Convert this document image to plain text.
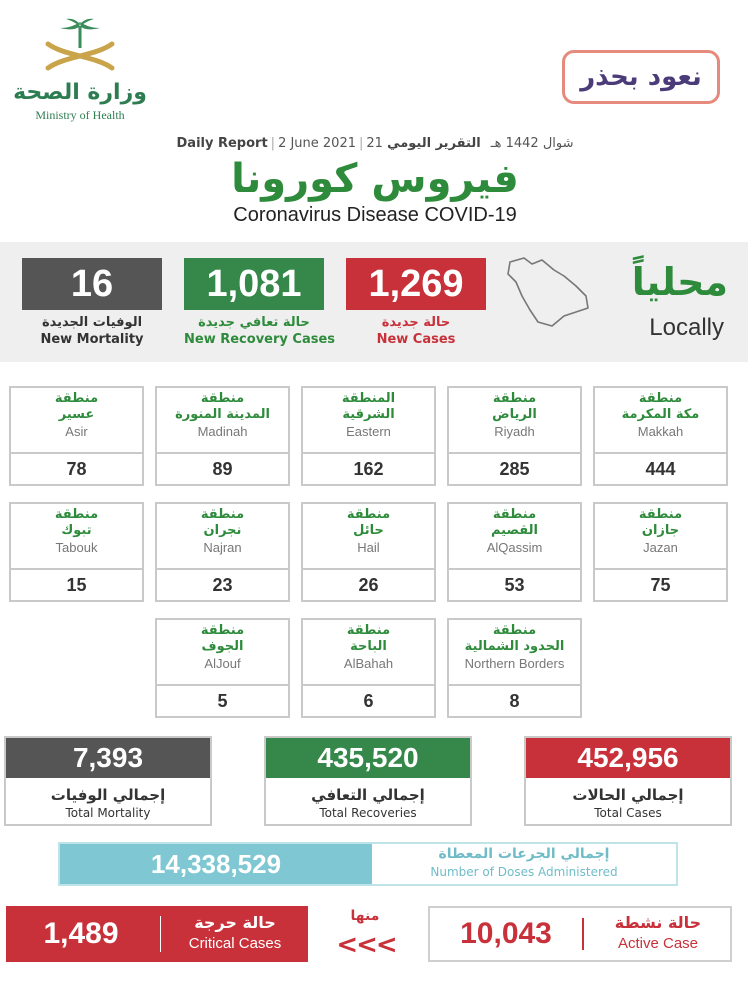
وزارة الصحة
Ministry of Health
نعود بحذر
Daily Report | 2 June 2021 | 21 شوال 1442 هـ التقرير اليومي
فيروس كورونا
Coronavirus Disease COVID-19
16
الوفيات الجديدة
New Mortality
1,081
حالة تعافي جديدة
New Recovery Cases
1,269
حالة جديدة
New Cases
محلياً
Locally
منطقة
مكة المكرمة
Makkah
444
منطقة
الرياض
Riyadh
285
المنطقة
الشرقية
Eastern
162
منطقة
المدينة المنورة
Madinah
89
منطقة
عسير
Asir
78
منطقة
جازان
Jazan
75
منطقة
القصيم
AlQassim
53
منطقة
حائل
Hail
26
منطقة
نجران
Najran
23
منطقة
تبوك
Tabouk
15
منطقة
الحدود الشمالية
Northern Borders
8
منطقة
الباحة
AlBahah
6
منطقة
الجوف
AlJouf
5
7,393
إجمالي الوفيات
Total Mortality
435,520
إجمالي التعافي
Total Recoveries
452,956
إجمالي الحالات
Total Cases
14,338,529	إجمالي الجرعات المعطاة
Number of Doses Administered
1,489	حالة حرجة
Critical Cases
منها
<<<	10,043	حالة نشطة
Active Case
